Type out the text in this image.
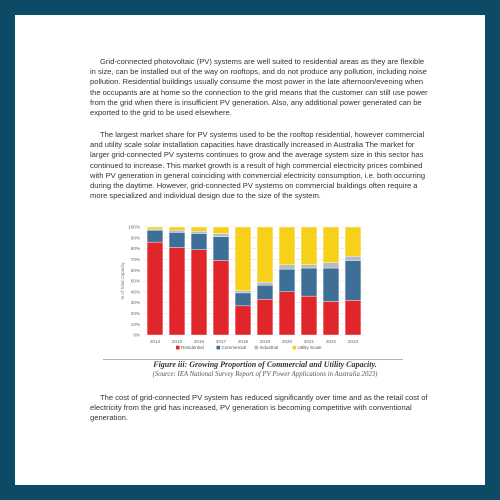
Grid-connected photovoltaic (PV) systems are well suited to residential areas as they are flexible in size, can be installed out of the way on rooftops, and do not produce any pollution, including noise pollution. Residential buildings usually consume the most power in the late afternoon/evening when the occupants are at home so the connection to the grid means that the customer can still use power from the grid when there is insufficient PV generation. Also, any additional power generated can be exported to the grid to be used elsewhere.

The largest market share for PV systems used to be the rooftop residential, however commercial and utility scale solar installation capacities have drastically increased in Australia The market for larger grid-connected PV systems continues to grow and the average system size in this sector has continued to increase. This market growth is a result of high commercial electricity prices combined with PV generation in general coinciding with commercial electricity consumption, i.e. both occurring during the daytime. However, grid-connected PV systems on commercial buildings often require a more specialized and individual design due to the size of the system.

0%
10%
20%
30%
40%
50%
60%
70%
80%
90%
100%
% of Total Capacity
2014	2015	2016	2017	2018	2019	2020	2021	2022	2023
Residential	Commercial	Industrial	Utility Scale
Figure iii: Growing Proportion of Commercial and Utility Capacity.
(Source: IEA National Survey Report of PV Power Applications in Australia 2023)

The cost of grid-connected PV system has reduced significantly over time and as the retail cost of electricity from the grid has increased, PV generation is becoming competitive with conventional generation.
